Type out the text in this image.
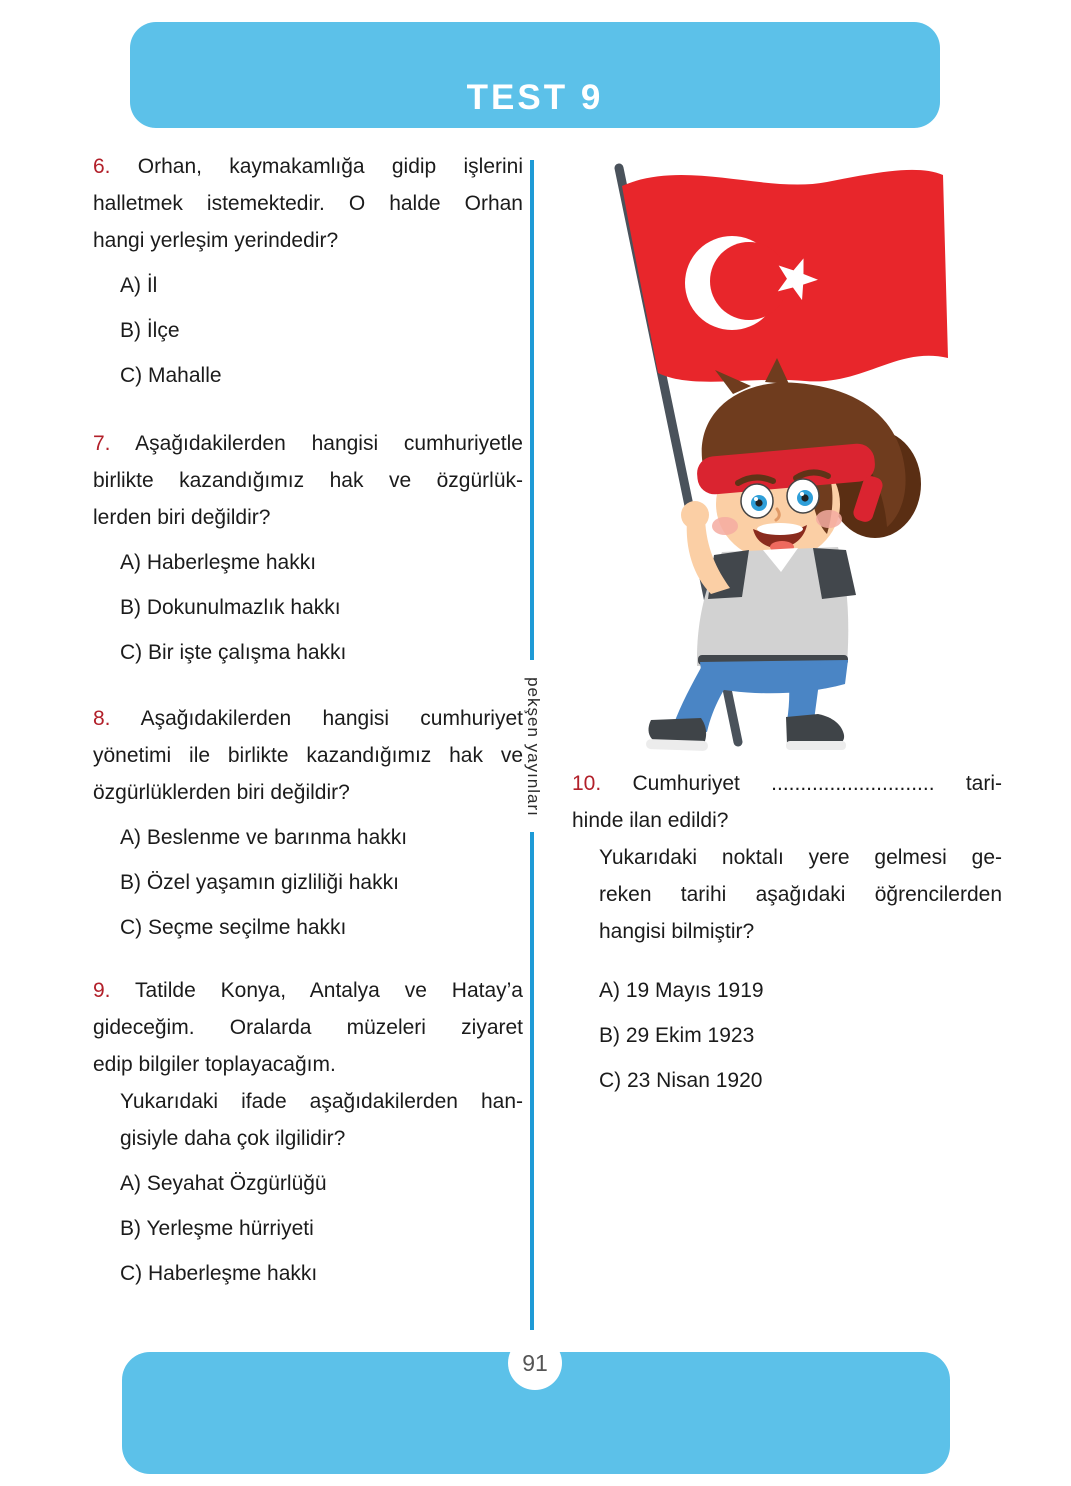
TEST 9
6. Orhan, kaymakamlığa gidip işlerini
halletmek istemektedir. O halde Orhan
hangi yerleşim yerindedir?
A) İl
B) İlçe
C) Mahalle
7. Aşağıdakilerden hangisi cumhuriyetle
birlikte kazandığımız hak ve özgürlük-
lerden biri değildir?
A) Haberleşme hakkı
B) Dokunulmazlık hakkı
C) Bir işte çalışma hakkı
8. Aşağıdakilerden hangisi cumhuriyet
yönetimi ile birlikte kazandığımız hak ve
özgürlüklerden biri değildir?
A) Beslenme ve barınma hakkı
B) Özel yaşamın gizliliği hakkı
C) Seçme seçilme hakkı
9. Tatilde Konya, Antalya ve Hatay’a
gideceğim. Oralarda müzeleri ziyaret
edip bilgiler toplayacağım.
Yukarıdaki ifade aşağıdakilerden han-
gisiyle daha çok ilgilidir?
A) Seyahat Özgürlüğü
B) Yerleşme hürriyeti
C) Haberleşme hakkı
10. Cumhuriyet ............................ tari-
hinde ilan edildi?
Yukarıdaki noktalı yere gelmesi ge-
reken tarihi aşağıdaki öğrencilerden
hangisi bilmiştir?
A) 19 Mayıs 1919
B) 29 Ekim 1923
C) 23 Nisan 1920
pekşen yayınları
91
